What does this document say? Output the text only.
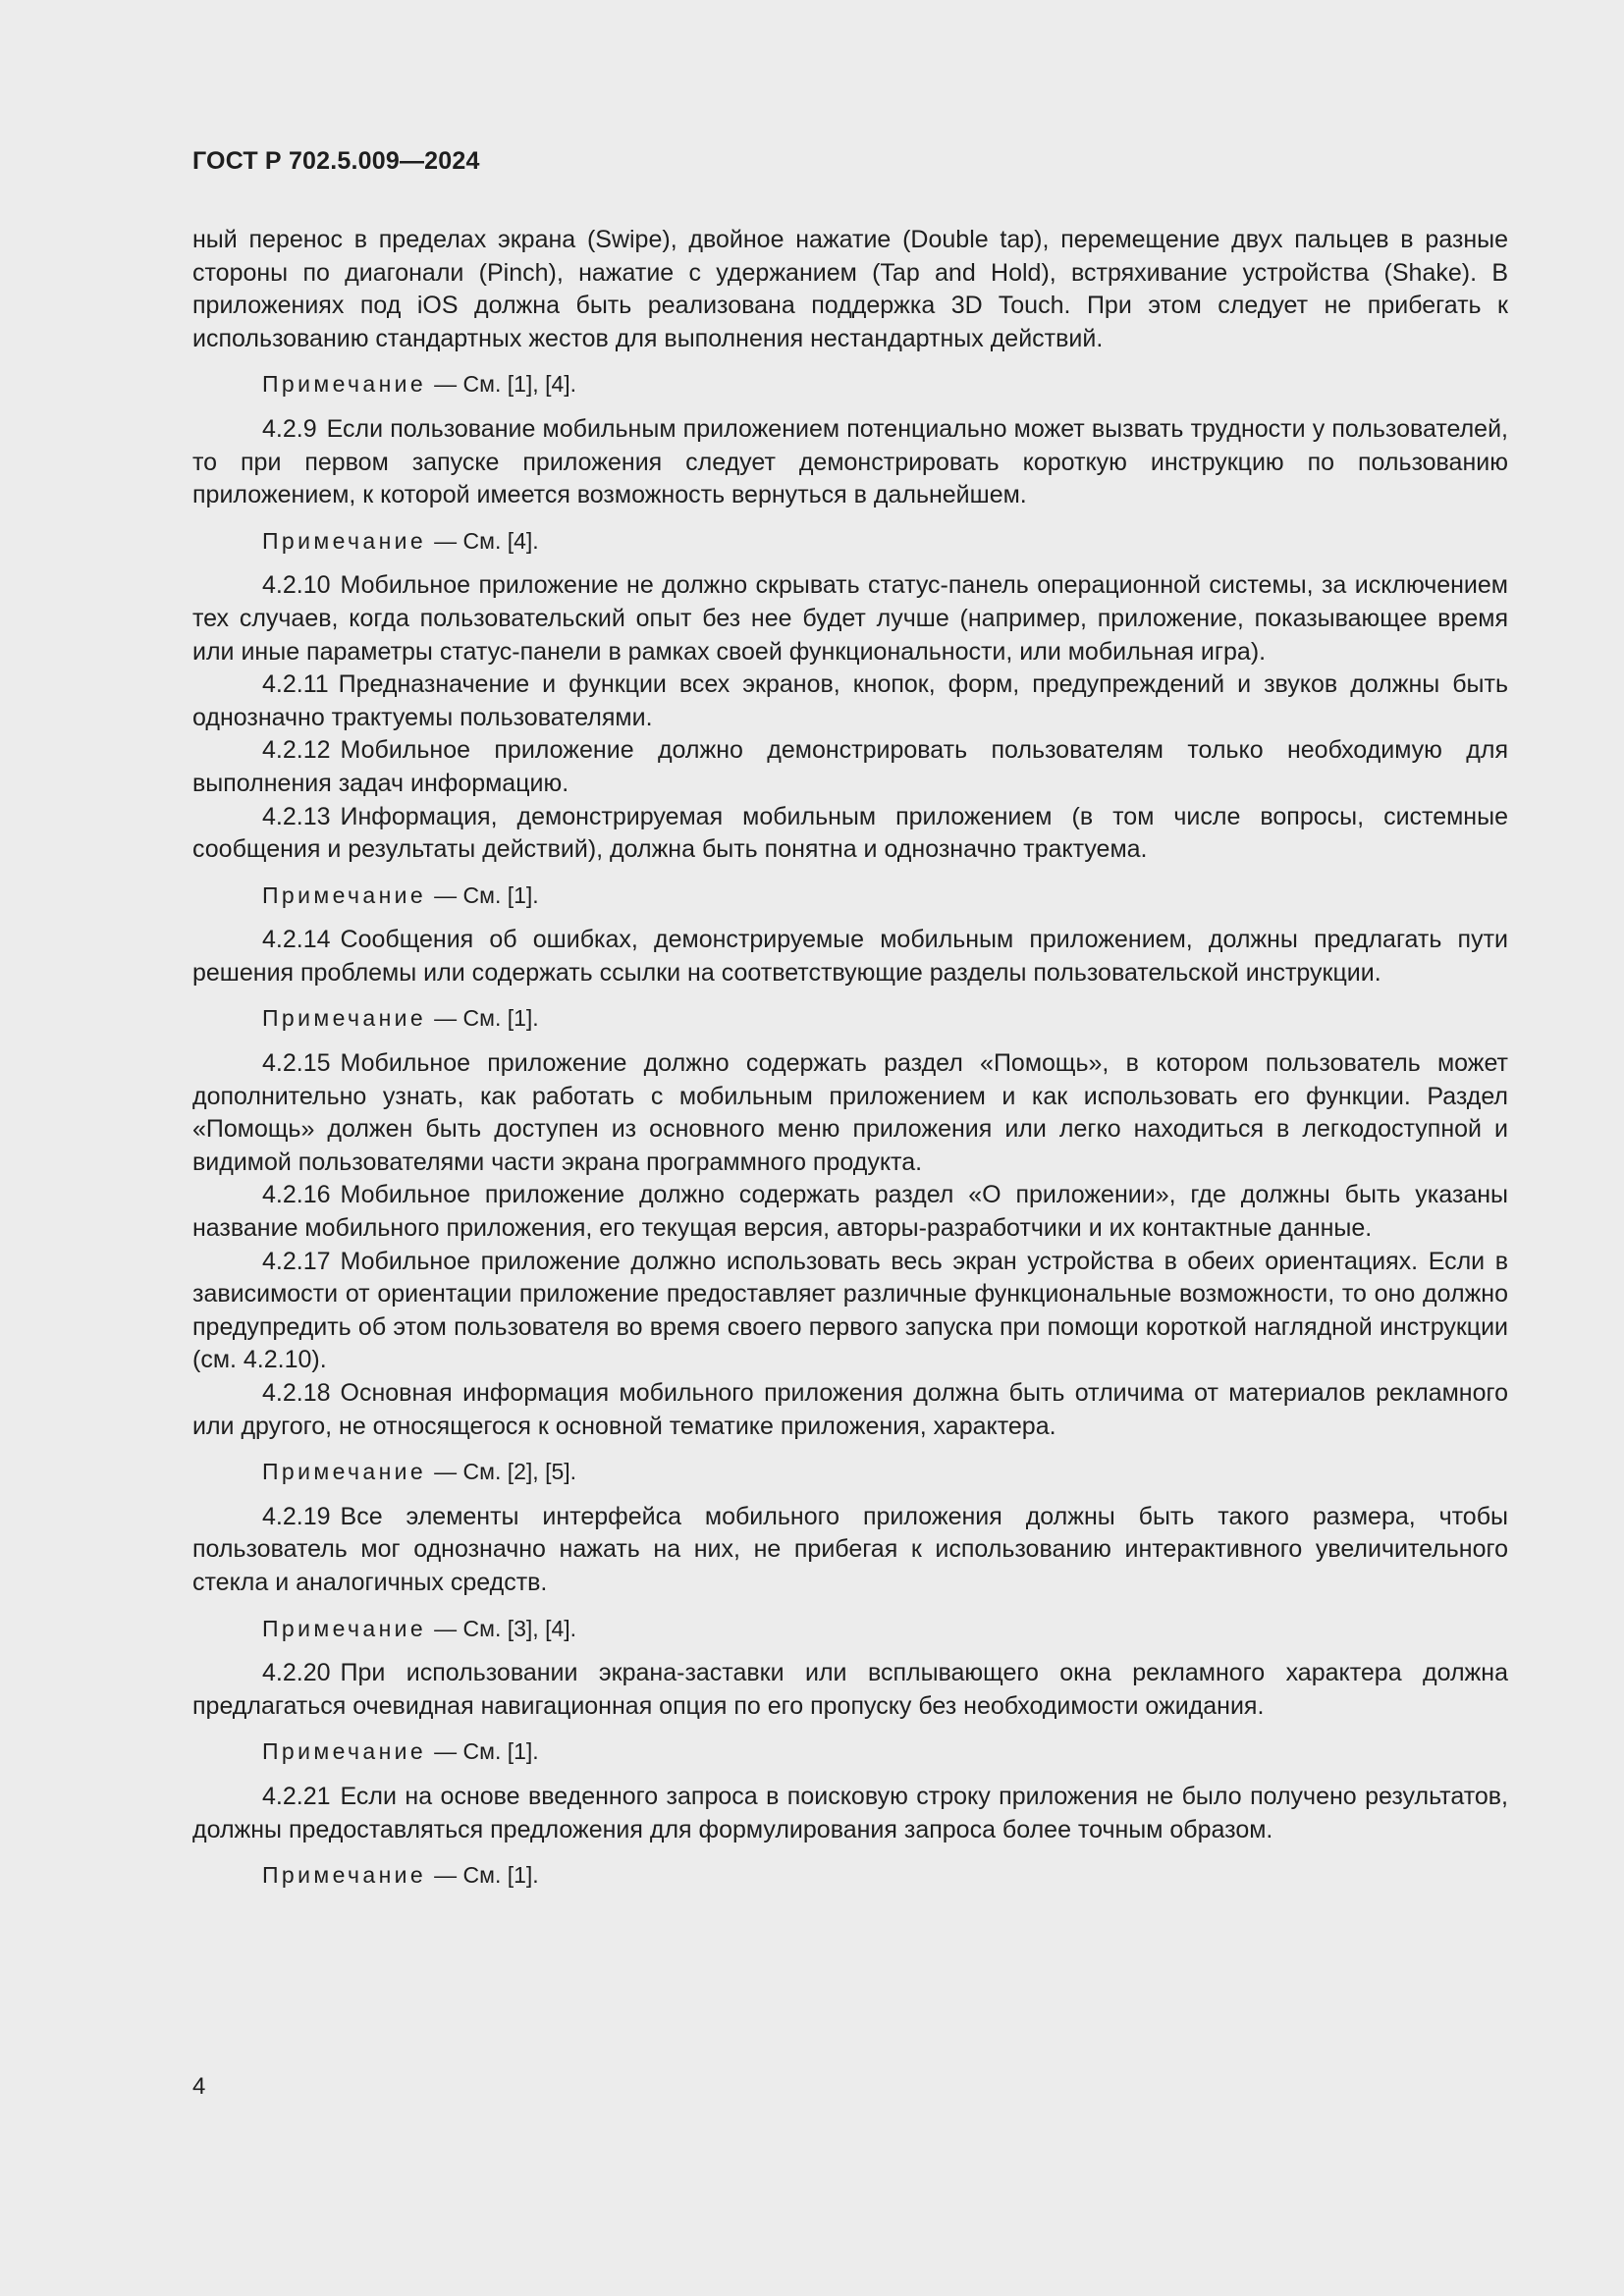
ГОСТ Р 702.5.009—2024

ный перенос в пределах экрана (Swipe), двойное нажатие (Double tap), перемещение двух пальцев в разные стороны по диагонали (Pinch), нажатие с удержанием (Tap and Hold), встряхивание устройства (Shake). В приложениях под iOS должна быть реализована поддержка 3D Touch. При этом следует не прибегать к использованию стандартных жестов для выполнения нестандартных действий.

Примечание — См. [1], [4].

4.2.9 Если пользование мобильным приложением потенциально может вызвать трудности у пользователей, то при первом запуске приложения следует демонстрировать короткую инструкцию по пользованию приложением, к которой имеется возможность вернуться в дальнейшем.

Примечание — См. [4].

4.2.10 Мобильное приложение не должно скрывать статус-панель операционной системы, за исключением тех случаев, когда пользовательский опыт без нее будет лучше (например, приложение, показывающее время или иные параметры статус-панели в рамках своей функциональности, или мобильная игра).

4.2.11 Предназначение и функции всех экранов, кнопок, форм, предупреждений и звуков должны быть однозначно трактуемы пользователями.

4.2.12 Мобильное приложение должно демонстрировать пользователям только необходимую для выполнения задач информацию.

4.2.13 Информация, демонстрируемая мобильным приложением (в том числе вопросы, системные сообщения и результаты действий), должна быть понятна и однозначно трактуема.

Примечание — См. [1].

4.2.14 Сообщения об ошибках, демонстрируемые мобильным приложением, должны предлагать пути решения проблемы или содержать ссылки на соответствующие разделы пользовательской инструкции.

Примечание — См. [1].

4.2.15 Мобильное приложение должно содержать раздел «Помощь», в котором пользователь может дополнительно узнать, как работать с мобильным приложением и как использовать его функции. Раздел «Помощь» должен быть доступен из основного меню приложения или легко находиться в легкодоступной и видимой пользователями части экрана программного продукта.

4.2.16 Мобильное приложение должно содержать раздел «О приложении», где должны быть указаны название мобильного приложения, его текущая версия, авторы-разработчики и их контактные данные.

4.2.17 Мобильное приложение должно использовать весь экран устройства в обеих ориентациях. Если в зависимости от ориентации приложение предоставляет различные функциональные возможности, то оно должно предупредить об этом пользователя во время своего первого запуска при помощи короткой наглядной инструкции (см. 4.2.10).

4.2.18 Основная информация мобильного приложения должна быть отличима от материалов рекламного или другого, не относящегося к основной тематике приложения, характера.

Примечание — См. [2], [5].

4.2.19 Все элементы интерфейса мобильного приложения должны быть такого размера, чтобы пользователь мог однозначно нажать на них, не прибегая к использованию интерактивного увеличительного стекла и аналогичных средств.

Примечание — См. [3], [4].

4.2.20 При использовании экрана-заставки или всплывающего окна рекламного характера должна предлагаться очевидная навигационная опция по его пропуску без необходимости ожидания.

Примечание — См. [1].

4.2.21 Если на основе введенного запроса в поисковую строку приложения не было получено результатов, должны предоставляться предложения для формулирования запроса более точным образом.

Примечание — См. [1].
4
